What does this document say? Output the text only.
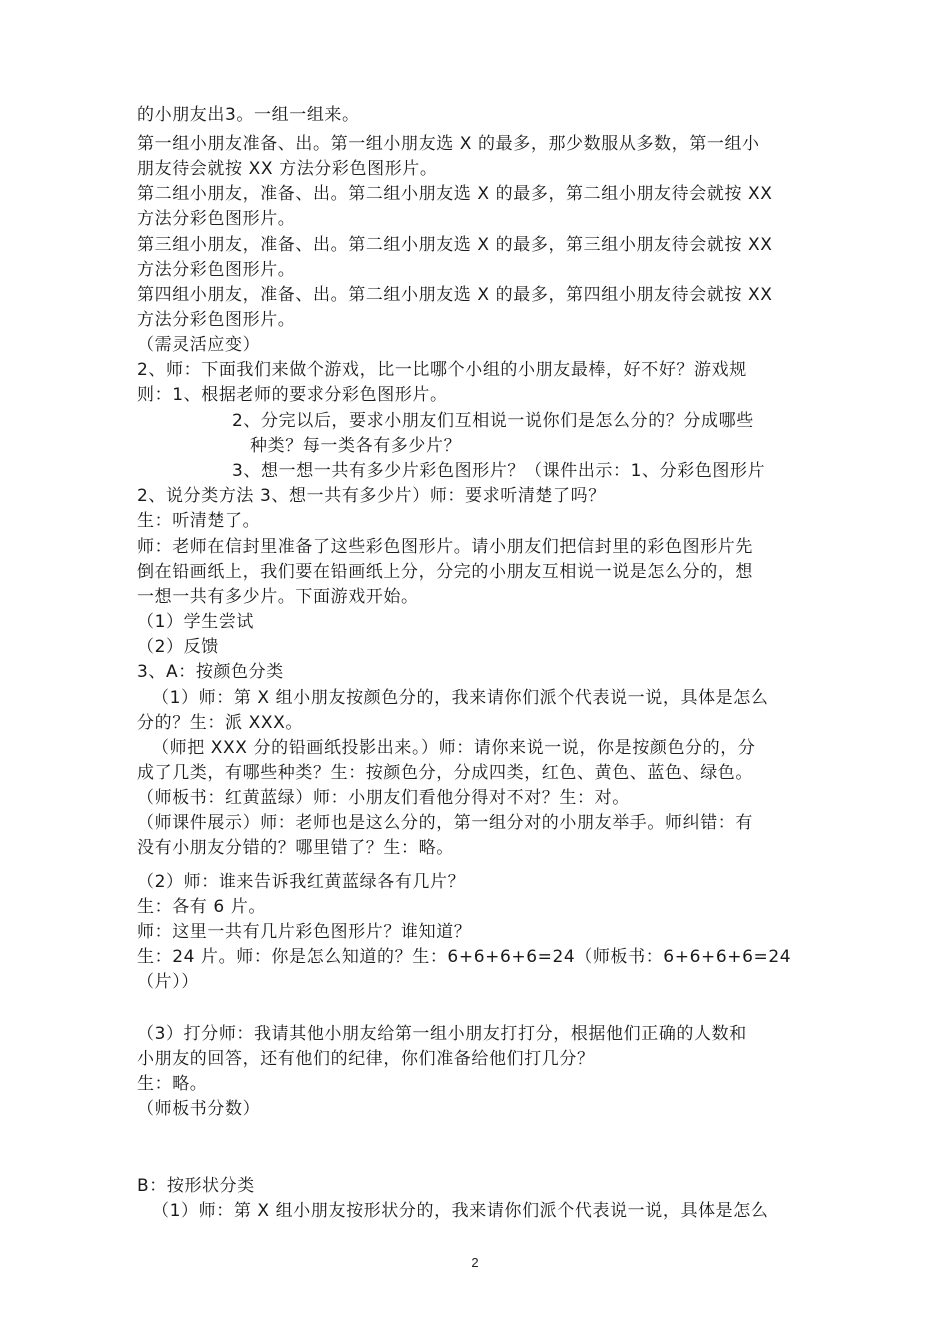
的小朋友出3。一组一组来。
第一组小朋友准备、出。第一组小朋友选 X 的最多，那少数服从多数，第一组小
朋友待会就按 XX 方法分彩色图形片。
第二组小朋友，准备、出。第二组小朋友选 X 的最多，第二组小朋友待会就按 XX
方法分彩色图形片。
第三组小朋友，准备、出。第二组小朋友选 X 的最多，第三组小朋友待会就按 XX
方法分彩色图形片。
第四组小朋友，准备、出。第二组小朋友选 X 的最多，第四组小朋友待会就按 XX
方法分彩色图形片。
（需灵活应变）
2、师：下面我们来做个游戏，比一比哪个小组的小朋友最棒，好不好？游戏规
则：1、根据老师的要求分彩色图形片。
2、分完以后，要求小朋友们互相说一说你们是怎么分的？分成哪些
种类？每一类各有多少片？
3、想一想一共有多少片彩色图形片？（课件出示：1、分彩色图形片
2、说分类方法 3、想一共有多少片）师：要求听清楚了吗？
生：听清楚了。
师：老师在信封里准备了这些彩色图形片。请小朋友们把信封里的彩色图形片先
倒在铅画纸上，我们要在铅画纸上分，分完的小朋友互相说一说是怎么分的，想
一想一共有多少片。下面游戏开始。
（1）学生尝试
（2）反馈
3、A：按颜色分类
（1）师：第 X 组小朋友按颜色分的，我来请你们派个代表说一说，具体是怎么
分的？生：派 XXX。
（师把 XXX 分的铅画纸投影出来。）师：请你来说一说，你是按颜色分的，分
成了几类，有哪些种类？生：按颜色分，分成四类，红色、黄色、蓝色、绿色。
（师板书：红黄蓝绿）师：小朋友们看他分得对不对？生：对。
（师课件展示）师：老师也是这么分的，第一组分对的小朋友举手。师纠错：有
没有小朋友分错的？哪里错了？生：略。
（2）师：谁来告诉我红黄蓝绿各有几片？
生：各有 6 片。
师：这里一共有几片彩色图形片？谁知道？
生：24 片。师：你是怎么知道的？生：6+6+6+6=24（师板书：6+6+6+6=24
（片））
（3）打分师：我请其他小朋友给第一组小朋友打打分，根据他们正确的人数和
小朋友的回答，还有他们的纪律，你们准备给他们打几分？
生：略。
（师板书分数）
B：按形状分类
（1）师：第 X 组小朋友按形状分的，我来请你们派个代表说一说，具体是怎么
2
